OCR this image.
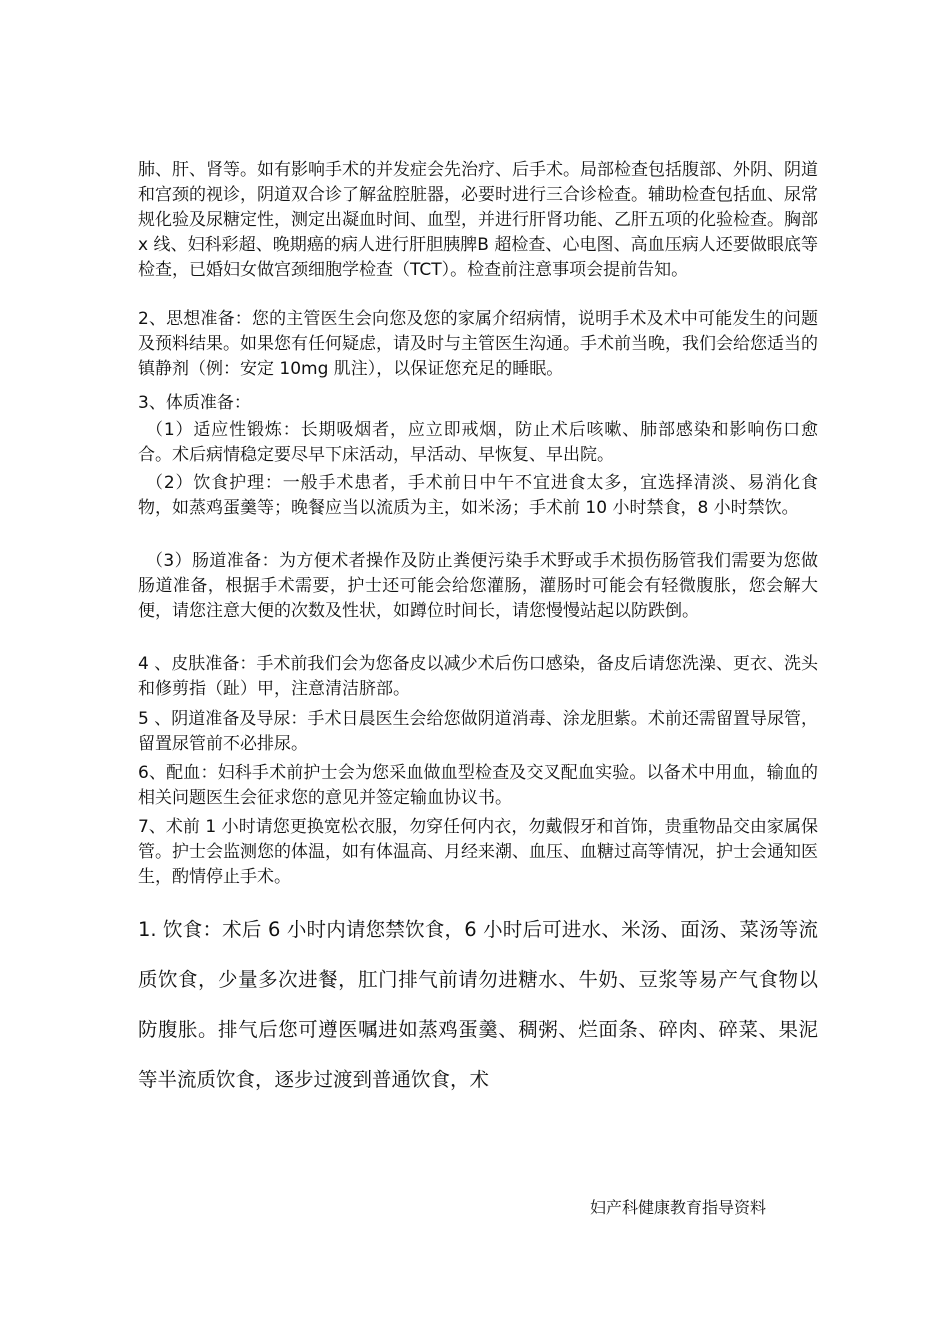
肺、肝、肾等。如有影响手术的并发症会先治疗、后手术。局部检查包括腹部、外阴、阴道和宫颈的视诊，阴道双合诊了解盆腔脏器，必要时进行三合诊检查。辅助检查包括血、尿常规化验及尿糖定性，测定出凝血时间、血型，并进行肝肾功能、乙肝五项的化验检查。胸部 x 线、妇科彩超、晚期癌的病人进行肝胆胰脾B 超检查、心电图、高血压病人还要做眼底等检查，已婚妇女做宫颈细胞学检查（TCT）。检查前注意事项会提前告知。

2、思想准备：您的主管医生会向您及您的家属介绍病情，说明手术及术中可能发生的问题及预料结果。如果您有任何疑虑，请及时与主管医生沟通。手术前当晚，我们会给您适当的镇静剂（例：安定 10mg 肌注），以保证您充足的睡眠。

3、体质准备：

（1）适应性锻炼：长期吸烟者，应立即戒烟，防止术后咳嗽、肺部感染和影响伤口愈合。术后病情稳定要尽早下床活动，早活动、早恢复、早出院。

（2）饮食护理：一般手术患者，手术前日中午不宜进食太多，宜选择清淡、易消化食物，如蒸鸡蛋羹等；晚餐应当以流质为主，如米汤；手术前 10 小时禁食，8 小时禁饮。

（3）肠道准备：为方便术者操作及防止粪便污染手术野或手术损伤肠管我们需要为您做肠道准备，根据手术需要，护士还可能会给您灌肠，灌肠时可能会有轻微腹胀，您会解大便，请您注意大便的次数及性状，如蹲位时间长，请您慢慢站起以防跌倒。

4 、皮肤准备：手术前我们会为您备皮以减少术后伤口感染，备皮后请您洗澡、更衣、洗头和修剪指（趾）甲，注意清洁脐部。

5 、阴道准备及导尿：手术日晨医生会给您做阴道消毒、涂龙胆紫。术前还需留置导尿管，留置尿管前不必排尿。

6、配血：妇科手术前护士会为您采血做血型检查及交叉配血实验。以备术中用血，输血的相关问题医生会征求您的意见并签定输血协议书。

7、术前 1 小时请您更换宽松衣服，勿穿任何内衣，勿戴假牙和首饰，贵重物品交由家属保管。护士会监测您的体温，如有体温高、月经来潮、血压、血糖过高等情况，护士会通知医生，酌情停止手术。

1. 饮食：术后 6 小时内请您禁饮食，6 小时后可进水、米汤、面汤、菜汤等流质饮食，少量多次进餐，肛门排气前请勿进糖水、牛奶、豆浆等易产气食物以防腹胀。排气后您可遵医嘱进如蒸鸡蛋羹、稠粥、烂面条、碎肉、碎菜、果泥等半流质饮食，逐步过渡到普通饮食，术

妇产科健康教育指导资料
